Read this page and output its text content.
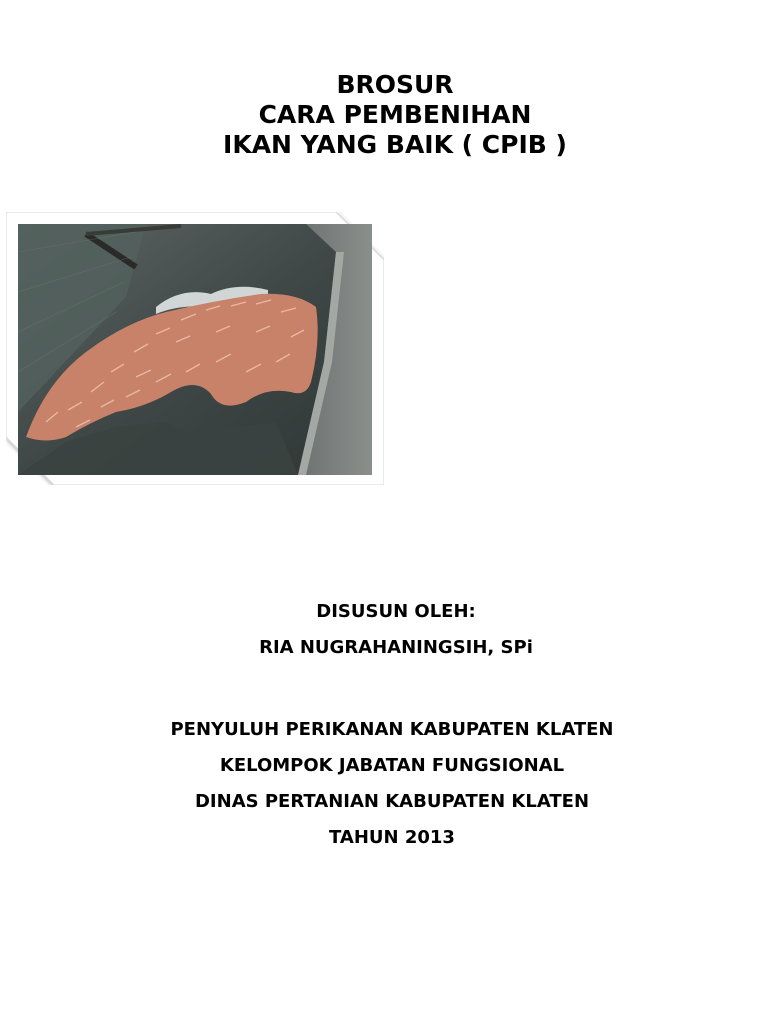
BROSUR
CARA PEMBENIHAN
IKAN YANG BAIK ( CPIB )
DISUSUN OLEH:
RIA NUGRAHANINGSIH, SPi
PENYULUH PERIKANAN KABUPATEN KLATEN
KELOMPOK JABATAN FUNGSIONAL
DINAS PERTANIAN KABUPATEN KLATEN
TAHUN 2013
